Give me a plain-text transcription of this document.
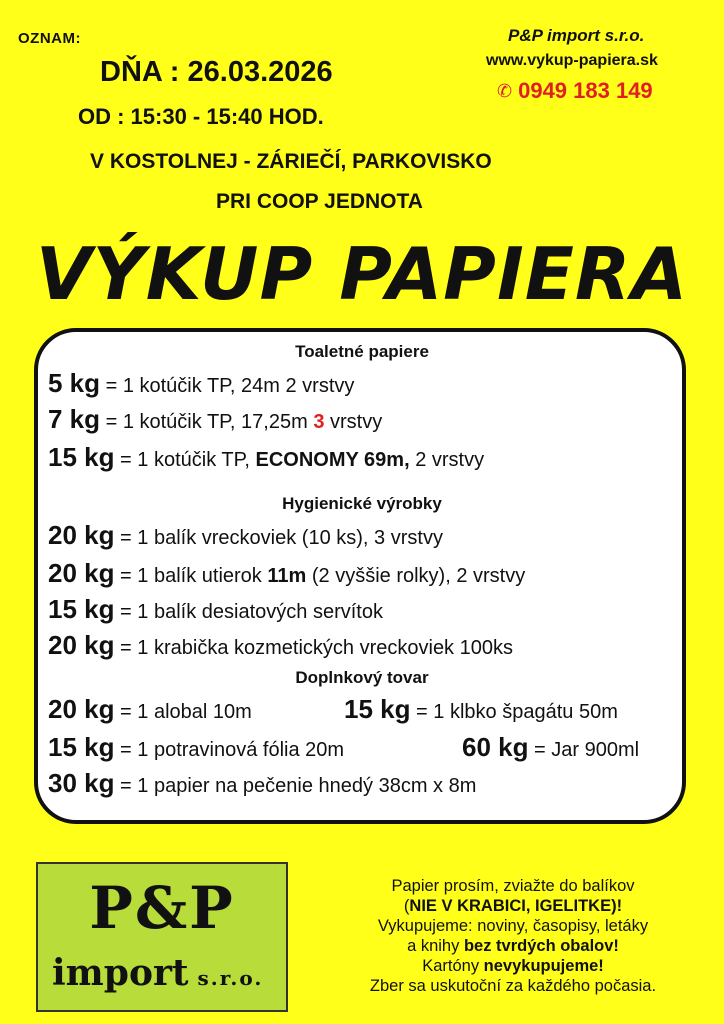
OZNAM:
DŇA : 26.03.2026
OD : 15:30 - 15:40 HOD.
V KOSTOLNEJ - ZÁRIEČÍ, PARKOVISKO
PRI COOP JEDNOTA
P&P import s.r.o.
www.vykup-papiera.sk
✆ 0949 183 149
VÝKUP PAPIERA
Toaletné papiere
5 kg = 1 kotúčik TP, 24m 2 vrstvy
7 kg = 1 kotúčik TP, 17,25m 3 vrstvy
15 kg = 1 kotúčik TP, ECONOMY 69m, 2 vrstvy
Hygienické výrobky
20 kg = 1 balík vreckoviek (10 ks), 3 vrstvy
20 kg = 1 balík utierok 11m (2 vyššie rolky), 2 vrstvy
15 kg = 1 balík desiatových servítok
20 kg = 1 krabička kozmetických vreckoviek 100ks
Doplnkový tovar
20 kg = 1 alobal 10m	15 kg = 1 klbko špagátu 50m
15 kg = 1 potravinová fólia 20m	60 kg = Jar 900ml
30 kg = 1 papier na pečenie hnedý 38cm x 8m
P&P
import s.r.o.
Papier prosím, zviažte do balíkov
(NIE V KRABICI, IGELITKE)!
Vykupujeme: noviny, časopisy, letáky
a knihy bez tvrdých obalov!
Kartóny nevykupujeme!
Zber sa uskutoční za každého počasia.
